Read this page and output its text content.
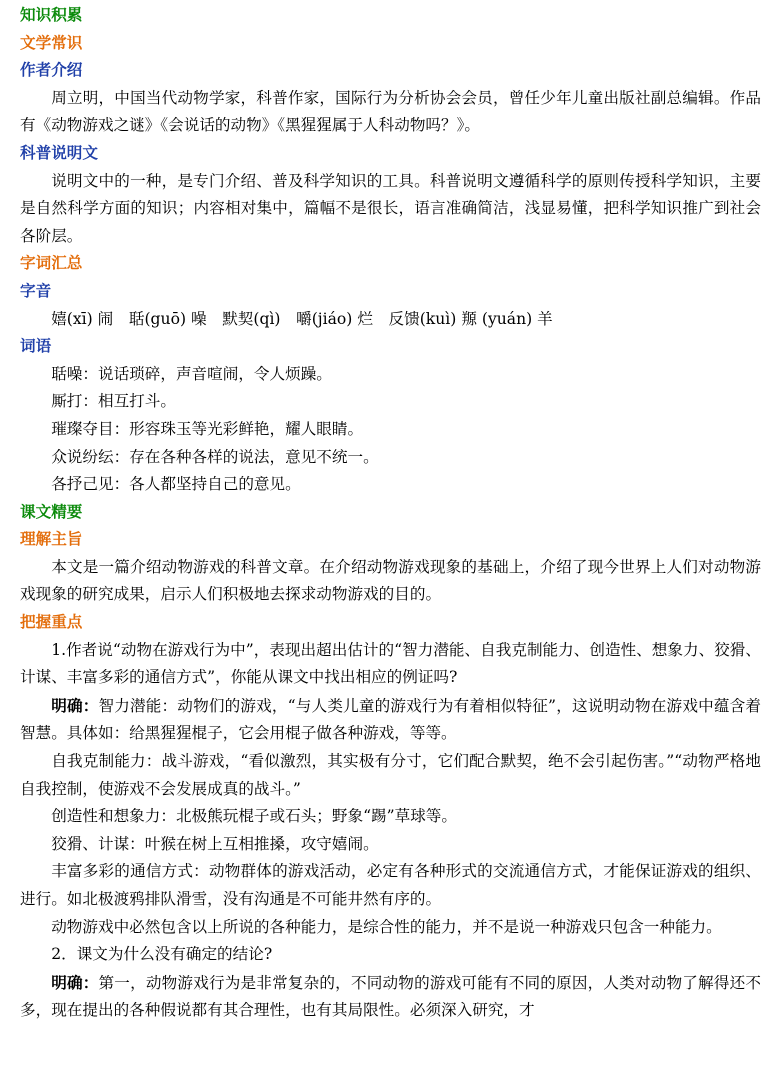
知识积累
文学常识
作者介绍

周立明，中国当代动物学家，科普作家，国际行为分析协会会员，曾任少年儿童出版社副总编辑。作品有《动物游戏之谜》《会说话的动物》《黑猩猩属于人科动物吗？》。

科普说明文

说明文中的一种，是专门介绍、普及科学知识的工具。科普说明文遵循科学的原则传授科学知识，主要是自然科学方面的知识；内容相对集中，篇幅不是很长，语言准确简洁，浅显易懂，把科学知识推广到社会各阶层。

字词汇总
字音

嬉(xī) 闹　聒(guō) 噪　默契(qì)　嚼(jiáo) 烂　反馈(kuì) 羱 (yuán) 羊

词语

聒噪：说话琐碎，声音喧闹，令人烦躁。

厮打：相互打斗。

璀璨夺目：形容珠玉等光彩鲜艳，耀人眼睛。

众说纷纭：存在各种各样的说法，意见不统一。

各抒己见：各人都坚持自己的意见。

课文精要
理解主旨

本文是一篇介绍动物游戏的科普文章。在介绍动物游戏现象的基础上，介绍了现今世界上人们对动物游戏现象的研究成果，启示人们积极地去探求动物游戏的目的。

把握重点

1.作者说“动物在游戏行为中”，表现出超出估计的“智力潜能、自我克制能力、创造性、想象力、狡猾、计谋、丰富多彩的通信方式”，你能从课文中找出相应的例证吗?

明确：智力潜能：动物们的游戏，“与人类儿童的游戏行为有着相似特征”，这说明动物在游戏中蕴含着智慧。具体如：给黑猩猩棍子，它会用棍子做各种游戏，等等。

自我克制能力：战斗游戏，“看似激烈，其实极有分寸，它们配合默契，绝不会引起伤害。”“动物严格地自我控制，使游戏不会发展成真的战斗。”

创造性和想象力：北极熊玩棍子或石头；野象“踢”草球等。

狡猾、计谋：叶猴在树上互相推搡，攻守嬉闹。

丰富多彩的通信方式：动物群体的游戏活动，必定有各种形式的交流通信方式，才能保证游戏的组织、进行。如北极渡鸦排队滑雪，没有沟通是不可能井然有序的。

动物游戏中必然包含以上所说的各种能力，是综合性的能力，并不是说一种游戏只包含一种能力。

2．课文为什么没有确定的结论?

明确：第一，动物游戏行为是非常复杂的，不同动物的游戏可能有不同的原因，人类对动物了解得还不多，现在提出的各种假说都有其合理性，也有其局限性。必须深入研究，才
